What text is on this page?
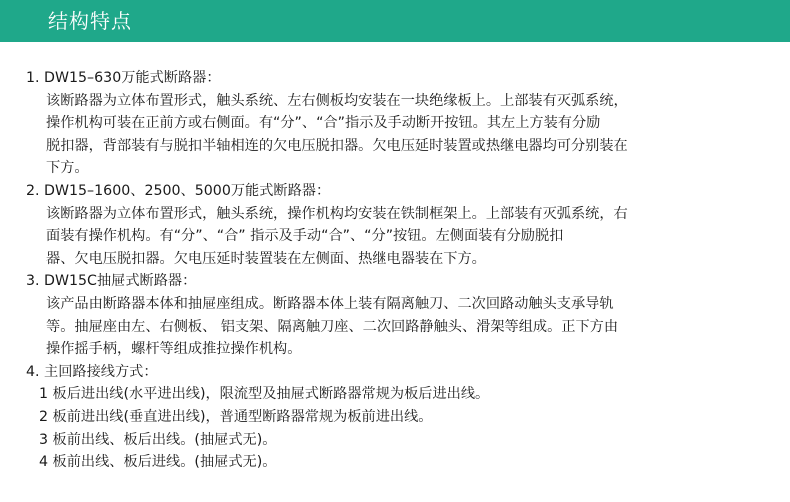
结构特点
1. DW15–630万能式断路器：
该断路器为立体布置形式，触头系统、左右侧板均安装在一块绝缘板上。上部装有灭弧系统，
操作机构可装在正前方或右侧面。有“分”、“合”指示及手动断开按钮。其左上方装有分励
脱扣器，背部装有与脱扣半轴相连的欠电压脱扣器。欠电压延时装置或热继电器均可分别装在
下方。
2. DW15–1600、2500、5000万能式断路器：
该断路器为立体布置形式，触头系统，操作机构均安装在铁制框架上。上部装有灭弧系统，右
面装有操作机构。有“分”、“合” 指示及手动“合”、“分”按钮。左侧面装有分励脱扣
器、欠电压脱扣器。欠电压延时装置装在左侧面、热继电器装在下方。
3. DW15C抽屉式断路器：
该产品由断路器本体和抽屉座组成。断路器本体上装有隔离触刀、二次回路动触头支承导轨
等。抽屉座由左、右侧板、 铝支架、隔离触刀座、二次回路静触头、滑架等组成。正下方由
操作摇手柄，螺杆等组成推拉操作机构。
4. 主回路接线方式：
1 板后进出线(水平进出线)，限流型及抽屉式断路器常规为板后进出线。
2 板前进出线(垂直进出线)，普通型断路器常规为板前进出线。
3 板前出线、板后出线。(抽屉式无)。
4 板前出线、板后进线。(抽屉式无)。
